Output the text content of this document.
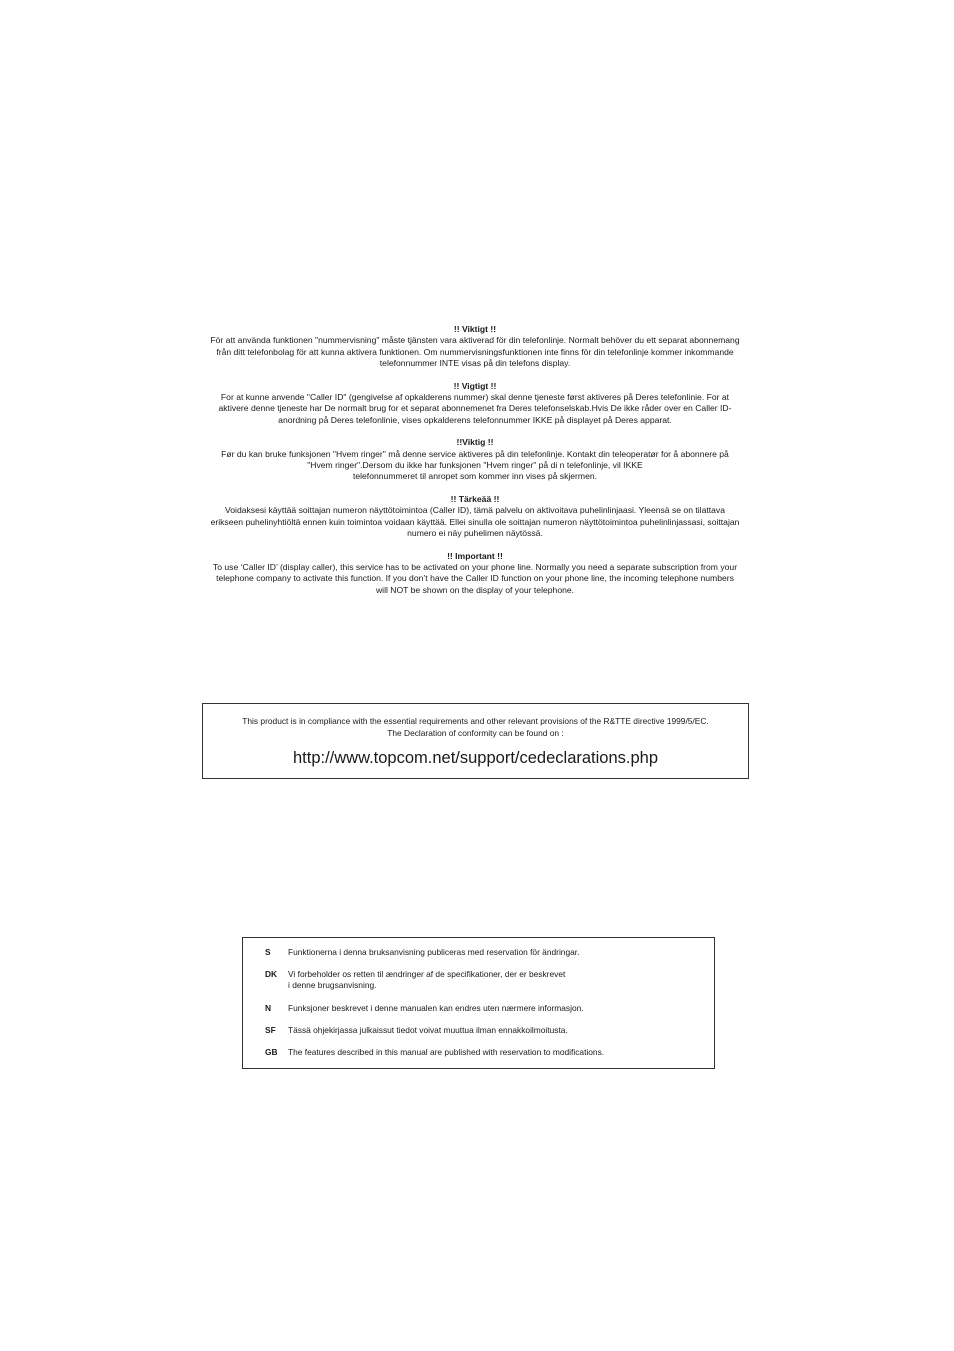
!! Viktigt !!
För att använda funktionen "nummervisning" måste tjänsten vara aktiverad för din telefonlinje. Normalt behöver du ett separat abonnemang
från ditt telefonbolag för att kunna aktivera funktionen. Om nummervisningsfunktionen inte finns för din telefonlinje kommer inkommande
telefonnummer INTE visas på din telefons display.
!! Vigtigt !!
For at kunne anvende "Caller ID" (gengivelse af opkalderens nummer) skal denne tjeneste først aktiveres på Deres telefonlinie. For at
aktivere denne tjeneste har De normalt brug for et separat abonnemenet fra Deres telefonselskab.Hvis De ikke råder over en Caller ID-
anordning på Deres telefonlinie, vises opkalderens telefonnummer IKKE på displayet på Deres apparat.
!!Viktig !!
Før du kan bruke funksjonen "Hvem ringer" må denne service aktiveres på din telefonlinje. Kontakt din teleoperatør for å abonnere på
"Hvem ringer".Dersom du ikke har funksjonen "Hvem ringer" på di n telefonlinje, vil IKKE
telefonnummeret til anropet som kommer inn vises på skjermen.
!! Tärkeää !!
Voidaksesi käyttää soittajan numeron näyttötoimintoa (Caller ID), tämä palvelu on aktivoitava puhelinlinjaasi. Yleensä se on tilattava
erikseen puhelinyhtiöltä ennen kuin toimintoa voidaan käyttää. Ellei sinulla ole soittajan numeron näyttötoimintoa puhelinlinjassasi, soittajan
numero ei näy puhelimen näytössä.
!! Important !!
To use ‘Caller ID’ (display caller), this service has to be activated on your phone line. Normally you need a separate subscription from your
telephone company to activate this function. If you don’t have the Caller ID function on your phone line, the incoming telephone numbers
will NOT be shown on the display of your telephone.
This product is in compliance with the essential requirements and other relevant provisions of the R&TTE directive 1999/5/EC.
The Declaration of conformity can be found on :
http://www.topcom.net/support/cedeclarations.php
S Funktionerna i denna bruksanvisning publiceras med reservation för ändringar.
DK Vi forbeholder os retten til ændringer af de specifikationer, der er beskrevet
i denne brugsanvisning.
N Funksjoner beskrevet i denne manualen kan endres uten nærmere informasjon.
SF Tässä ohjekirjassa julkaissut tiedot voivat muuttua ilman ennakkoilmoitusta.
GB The features described in this manual are published with reservation to modifications.
